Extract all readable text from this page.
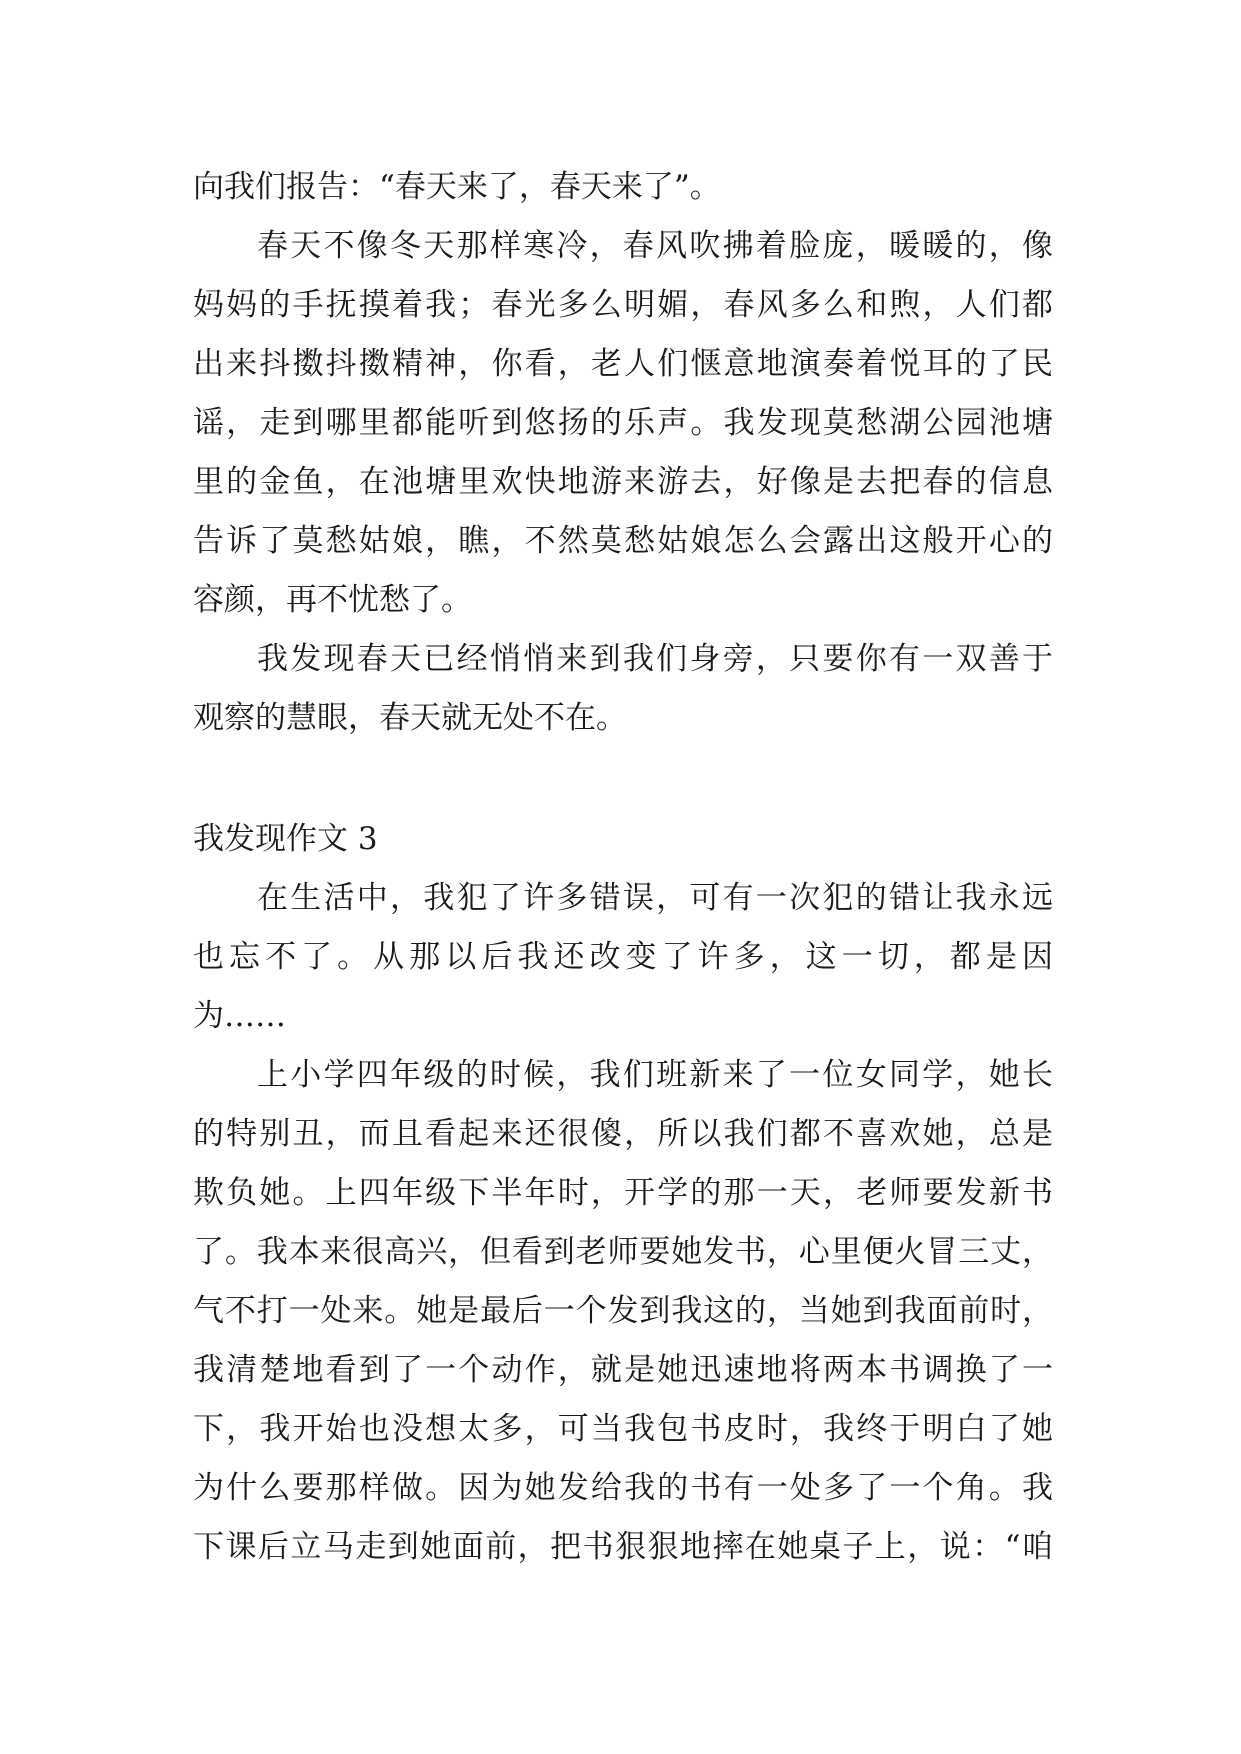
向我们报告：“春天来了，春天来了”。
春天不像冬天那样寒冷，春风吹拂着脸庞，暖暖的，像
妈妈的手抚摸着我；春光多么明媚，春风多么和煦，人们都
出来抖擞抖擞精神，你看，老人们惬意地演奏着悦耳的了民
谣，走到哪里都能听到悠扬的乐声。我发现莫愁湖公园池塘
里的金鱼，在池塘里欢快地游来游去，好像是去把春的信息
告诉了莫愁姑娘，瞧，不然莫愁姑娘怎么会露出这般开心的
容颜，再不忧愁了。
我发现春天已经悄悄来到我们身旁，只要你有一双善于
观察的慧眼，春天就无处不在。
我发现作文 3
在生活中，我犯了许多错误，可有一次犯的错让我永远
也忘不了。从那以后我还改变了许多，这一切，都是因
为……
上小学四年级的时候，我们班新来了一位女同学，她长
的特别丑，而且看起来还很傻，所以我们都不喜欢她，总是
欺负她。上四年级下半年时，开学的那一天，老师要发新书
了。我本来很高兴，但看到老师要她发书，心里便火冒三丈，
气不打一处来。她是最后一个发到我这的，当她到我面前时，
我清楚地看到了一个动作，就是她迅速地将两本书调换了一
下，我开始也没想太多，可当我包书皮时，我终于明白了她
为什么要那样做。因为她发给我的书有一处多了一个角。我
下课后立马走到她面前，把书狠狠地摔在她桌子上，说：“咱
